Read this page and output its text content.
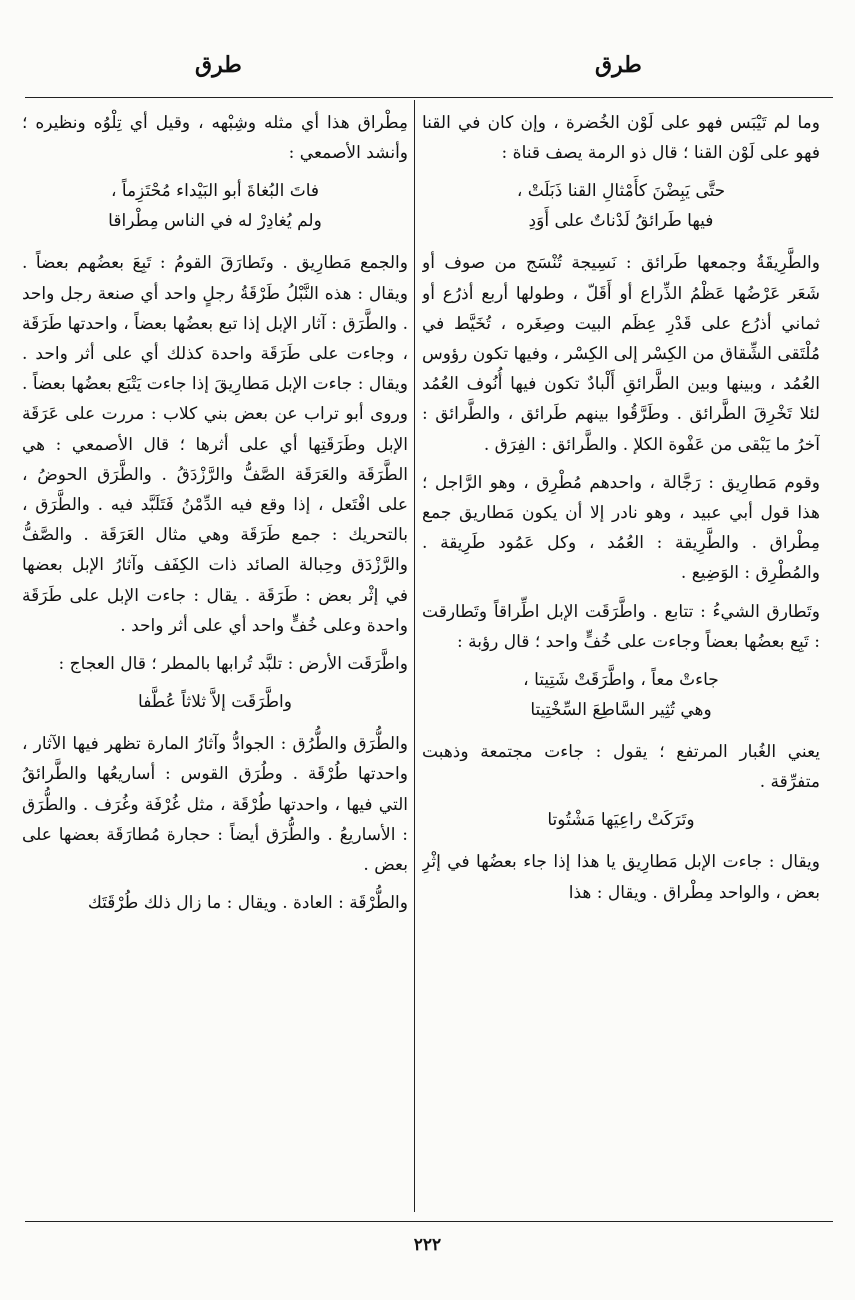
طرق
طرق

وما لم تَيْبَس فهو على لَوْن الخُضرة ، وإن كان في القنا فهو على لَوْن القنا ؛ قال ذو الرمة يصف قناة :

حتَّى يَبِضْنَ كأَمْثالِ القنا ذَبَلَتْ ،
فيها طَرائقُ لَدْناتٌ على أَوَدِ

والطَّرِيقَةُ وجمعها طَرائق : نَسِيجة تُنْسَج من صوف أو شَعَر عَرْضُها عَظْمُ الذِّراع أو أَقَلّ ، وطولها أربع أذرُع أو ثماني أذرُع على قَدْرِ عِظَم البيت وصِغَره ، تُخَيَّط في مُلْتَقى الشِّقاق من الكِسْر إلى الكِسْر ، وفيها تكون رؤوس العُمُد ، وبينها وبين الطَّرائقِ أَلْبادٌ تكون فيها أُنُوف العُمُد لئلا تَخْرِقَ الطَّرائق . وطَرَّقُوا بينهم طَرائق ، والطَّرائق : آخرُ ما يَبْقى من عَفْوة الكلإ . والطَّرائق : الفِرَق .

وقوم مَطارِيق : رَجَّالة ، واحدهم مُطْرِق ، وهو الرَّاجل ؛ هذا قول أبي عبيد ، وهو نادر إلا أن يكون مَطاريق جمع مِطْراق . والطَّرِيقة : العُمُد ، وكل عَمُود طَرِيقة . والمُطْرِق : الوَضِيع .

وتَطارق الشيءُ : تتابع . واطَّرَقَت الإبل اطِّراقاً وتَطارقت : تَبِع بعضُها بعضاً وجاءت على خُفٍّ واحد ؛ قال رؤبة :

جاءتْ معاً ، واطَّرَقَتْ شَتِيتا ،
وهي تُثِير السَّاطِعَ السِّخْتِيتا

يعني الغُبار المرتفع ؛ يقول : جاءت مجتمعة وذهبت متفرِّقة .

وتَرَكَتْ راعِيَها مَشْتُوتا

ويقال : جاءت الإبل مَطارِيق يا هذا إذا جاء بعضُها في إثْرِ بعض ، والواحد مِطْراق . ويقال : هذا

مِطْراق هذا أي مثله وشِبْهه ، وقيل أي تِلْوُه ونظيره ؛ وأنشد الأصمعي :

فاتَ البُغاةَ أبو البَيْداء مُحْتَزِماً ،
ولم يُغادِرْ له في الناس مِطْراقا

والجمع مَطارِيق . وتَطارَقَ القومُ : تَبِعَ بعضُهم بعضاً . ويقال : هذه النَّبْلُ طَرْقَةُ رجلٍ واحد أي صنعة رجل واحد . والطَّرَق : آثار الإبل إذا تبع بعضُها بعضاً ، واحدتها طَرَقَة ، وجاءت على طَرَقَة واحدة كذلك أي على أثر واحد . ويقال : جاءت الإبل مَطارِيقَ إذا جاءت يَتْبَع بعضُها بعضاً . وروى أبو تراب عن بعض بني كلاب : مررت على عَرَقَة الإبل وطَرَقَتِها أي على أثرها ؛ قال الأصمعي : هي الطَّرَقَة والعَرَقَة الصَّفُّ والرَّزْدَقُ . والطَّرَق الحوضُ ، على افْتَعل ، إذا وقع فيه الدِّمْنُ فَتَلَبَّد فيه . والطَّرَق ، بالتحريك : جمع طَرَقَة وهي مثال العَرَقَة . والصَّفُّ والرَّزْدَق وحِبالة الصائد ذات الكِفَف وآثارُ الإبل بعضها في إثْر بعض : طَرَقَة . يقال : جاءت الإبل على طَرَقَة واحدة وعلى خُفٍّ واحد أي على أثر واحد .

واطَّرَقَت الأرض : تلبَّد تُرابها بالمطر ؛ قال العجاج :

واطَّرَقَت إلاَّ ثلاثاً عُطَّفا

والطُّرَق والطُّرُق : الجوادُّ وآثارُ المارة تظهر فيها الآثار ، واحدتها طُرْقَة . وطُرَق القوس : أساريعُها والطَّرائقُ التي فيها ، واحدتها طُرْقَة ، مثل غُرْفَة وغُرَف . والطُّرَق : الأساريعُ . والطُّرَق أيضاً : حجارة مُطارَقَة بعضها على بعض .

والطُّرْقَة : العادة . ويقال : ما زال ذلك طُرْقَتَك

٢٢٢
